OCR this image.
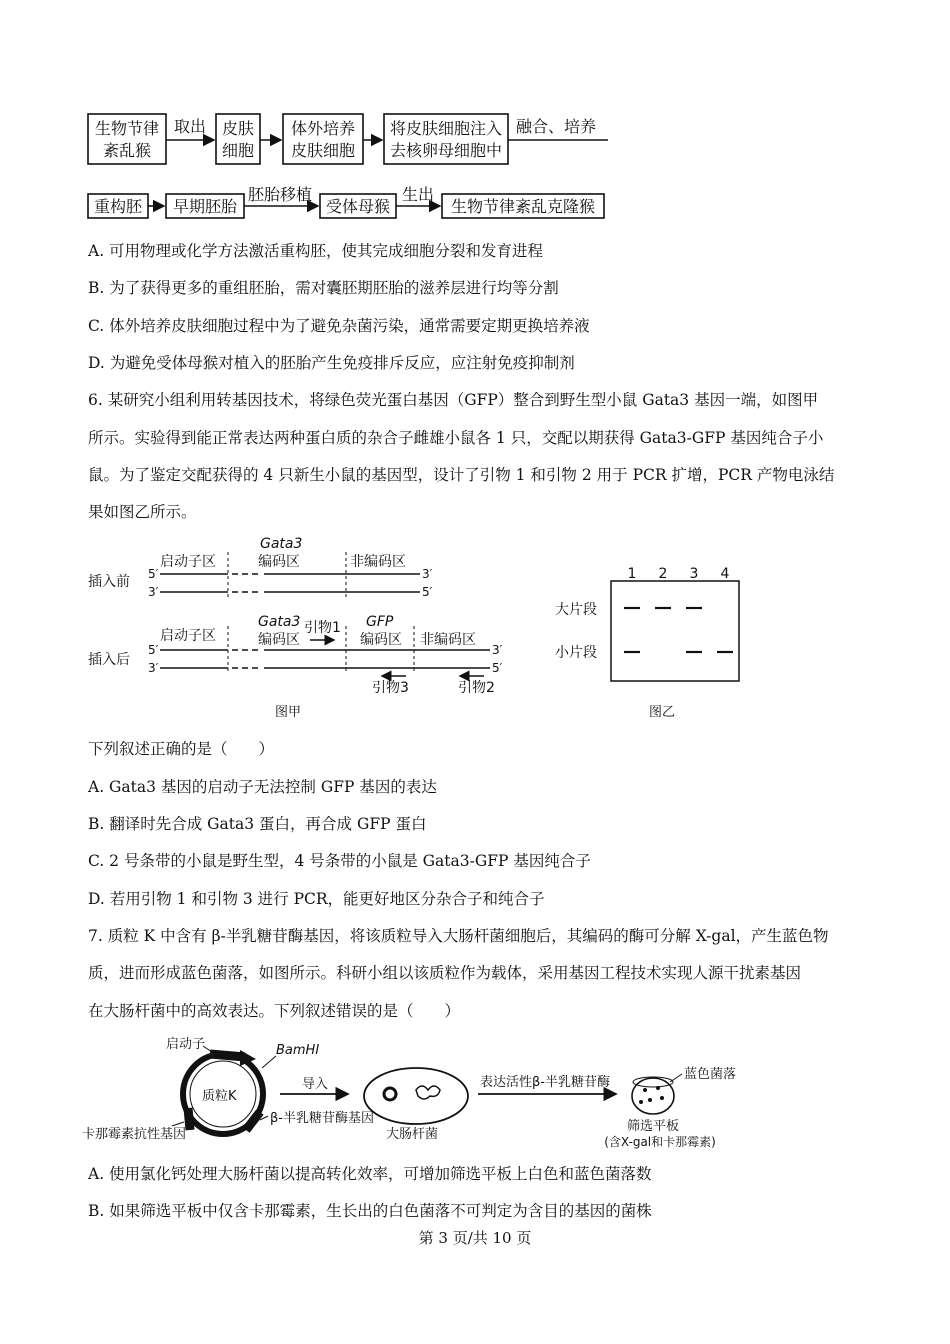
生物节律
紊乱猴
取出 皮肤
细胞
体外培养
皮肤细胞
将皮肤细胞注入
去核卵母细胞中
融合、培养
重构胚 早期胚胎
胚胎移植
受体母猴
生出
生物节律紊乱克隆猴
A. 可用物理或化学方法激活重构胚，使其完成细胞分裂和发育进程
B. 为了获得更多的重组胚胎，需对囊胚期胚胎的滋养层进行均等分割
C. 体外培养皮肤细胞过程中为了避免杂菌污染，通常需要定期更换培养液
D. 为避免受体母猴对植入的胚胎产生免疫排斥反应，应注射免疫抑制剂
6. 某研究小组利用转基因技术，将绿色荧光蛋白基因（GFP）整合到野生型小鼠 Gata3 基因一端，如图甲
所示。实验得到能正常表达两种蛋白质的杂合子雌雄小鼠各 1 只，交配以期获得 Gata3-GFP 基因纯合子小
鼠。为了鉴定交配获得的 4 只新生小鼠的基因型，设计了引物 1 和引物 2 用于 PCR 扩增，PCR 产物电泳结
果如图乙所示。
插入前
插入后
5′
3′
3′
5′
5′
3′
3′
5′
启动子区
Gata3
编码区	非编码区
启动子区
Gata3
编码区
引物1 GFP
编码区 非编码区
引物3	引物2
图甲
1 2 3 4
大片段
小片段
图乙
下列叙述正确的是（　　）
A. Gata3 基因的启动子无法控制 GFP 基因的表达
B. 翻译时先合成 Gata3 蛋白，再合成 GFP 蛋白
C. 2 号条带的小鼠是野生型，4 号条带的小鼠是 Gata3-GFP 基因纯合子
D. 若用引物 1 和引物 3 进行 PCR，能更好地区分杂合子和纯合子
7. 质粒 K 中含有 β-半乳糖苷酶基因，将该质粒导入大肠杆菌细胞后，其编码的酶可分解 X-gal，产生蓝色物
质，进而形成蓝色菌落，如图所示。科研小组以该质粒作为载体，采用基因工程技术实现人源干扰素基因
在大肠杆菌中的高效表达。下列叙述错误的是（　　）
启动子	BamHⅠ
质粒K
卡那霉素抗性基因
β-半乳糖苷酶基因
导入
大肠杆菌
表达活性β-半乳糖苷酶
蓝色菌落
筛选平板
(含X-gal和卡那霉素)
A. 使用氯化钙处理大肠杆菌以提高转化效率，可增加筛选平板上白色和蓝色菌落数
B. 如果筛选平板中仅含卡那霉素，生长出的白色菌落不可判定为含目的基因的菌株
第 3 页/共 10 页
